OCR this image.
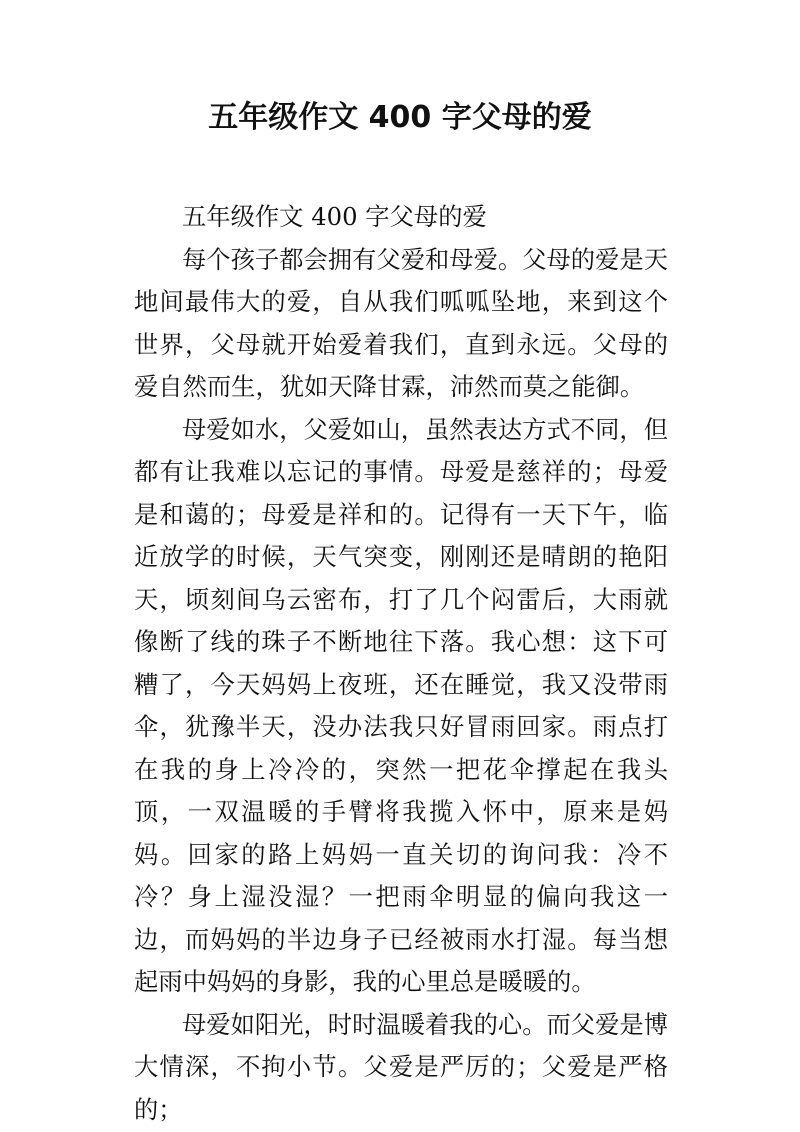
五年级作文 400 字父母的爱

五年级作文 400 字父母的爱

每个孩子都会拥有父爱和母爱。父母的爱是天地间最伟大的爱，自从我们呱呱坠地，来到这个世界，父母就开始爱着我们，直到永远。父母的爱自然而生，犹如天降甘霖，沛然而莫之能御。

母爱如水，父爱如山，虽然表达方式不同，但都有让我难以忘记的事情。母爱是慈祥的；母爱是和蔼的；母爱是祥和的。记得有一天下午，临近放学的时候，天气突变，刚刚还是晴朗的艳阳天，顷刻间乌云密布，打了几个闷雷后，大雨就像断了线的珠子不断地往下落。我心想：这下可糟了，今天妈妈上夜班，还在睡觉，我又没带雨伞，犹豫半天，没办法我只好冒雨回家。雨点打在我的身上冷冷的，突然一把花伞撑起在我头顶，一双温暖的手臂将我揽入怀中，原来是妈妈。回家的路上妈妈一直关切的询问我：冷不冷？身上湿没湿？一把雨伞明显的偏向我这一边，而妈妈的半边身子已经被雨水打湿。每当想起雨中妈妈的身影，我的心里总是暖暖的。

母爱如阳光，时时温暖着我的心。而父爱是博大情深，不拘小节。父爱是严厉的；父爱是严格的；
